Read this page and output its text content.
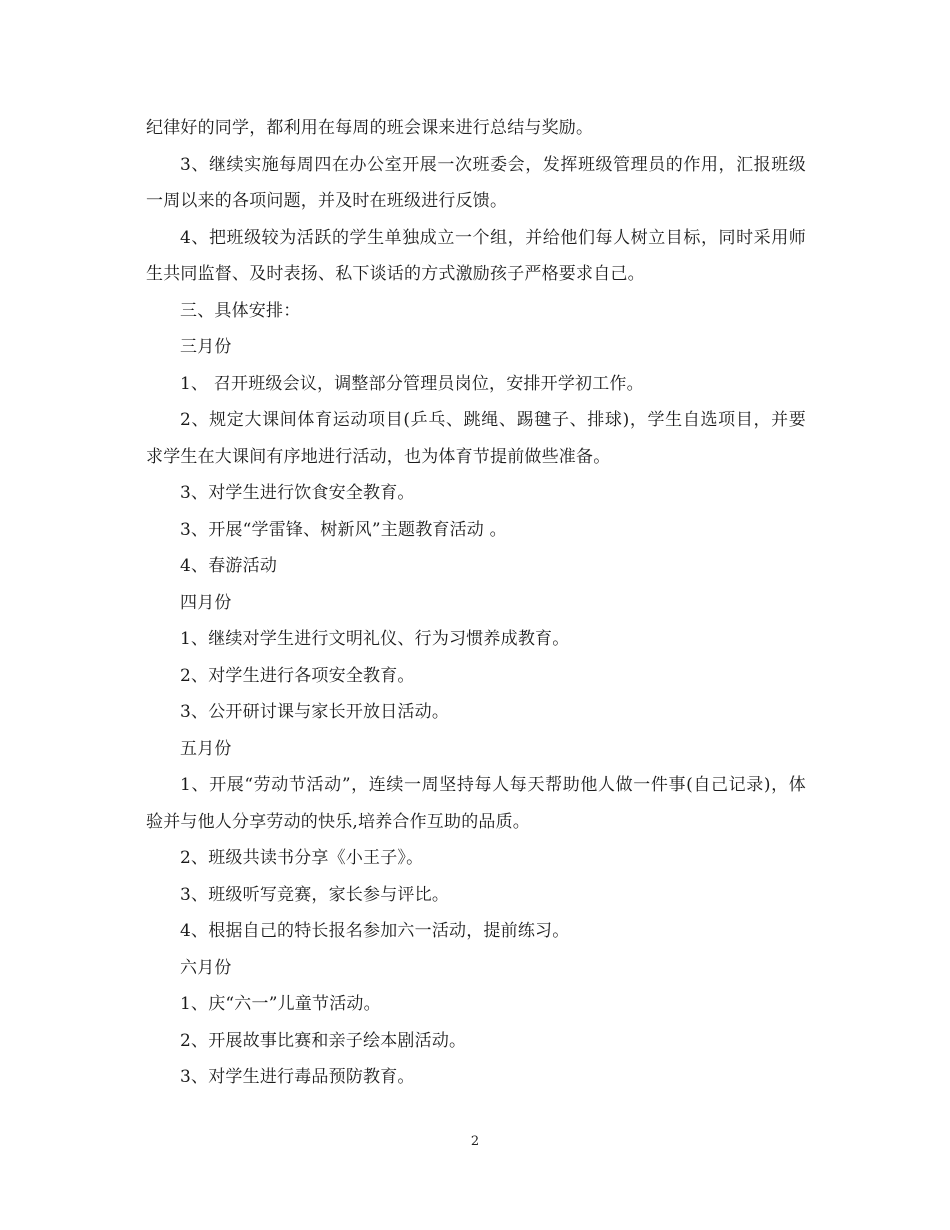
纪律好的同学，都利用在每周的班会课来进行总结与奖励。

3、继续实施每周四在办公室开展一次班委会，发挥班级管理员的作用，汇报班级一周以来的各项问题，并及时在班级进行反馈。

4、把班级较为活跃的学生单独成立一个组，并给他们每人树立目标，同时采用师生共同监督、及时表扬、私下谈话的方式激励孩子严格要求自己。

三、具体安排：

三月份

1、 召开班级会议，调整部分管理员岗位，安排开学初工作。

2、规定大课间体育运动项目(乒乓、跳绳、踢毽子、排球)，学生自选项目，并要求学生在大课间有序地进行活动，也为体育节提前做些准备。

3、对学生进行饮食安全教育。

3、开展“学雷锋、树新风”主题教育活动 。

4、春游活动

四月份

1、继续对学生进行文明礼仪、行为习惯养成教育。

2、对学生进行各项安全教育。

3、公开研讨课与家长开放日活动。

五月份

1、开展“劳动节活动”，连续一周坚持每人每天帮助他人做一件事(自己记录)，体验并与他人分享劳动的快乐,培养合作互助的品质。

2、班级共读书分享《小王子》。

3、班级听写竞赛，家长参与评比。

4、根据自己的特长报名参加六一活动，提前练习。

六月份

1、庆“六一”儿童节活动。

2、开展故事比赛和亲子绘本剧活动。

3、对学生进行毒品预防教育。

2
